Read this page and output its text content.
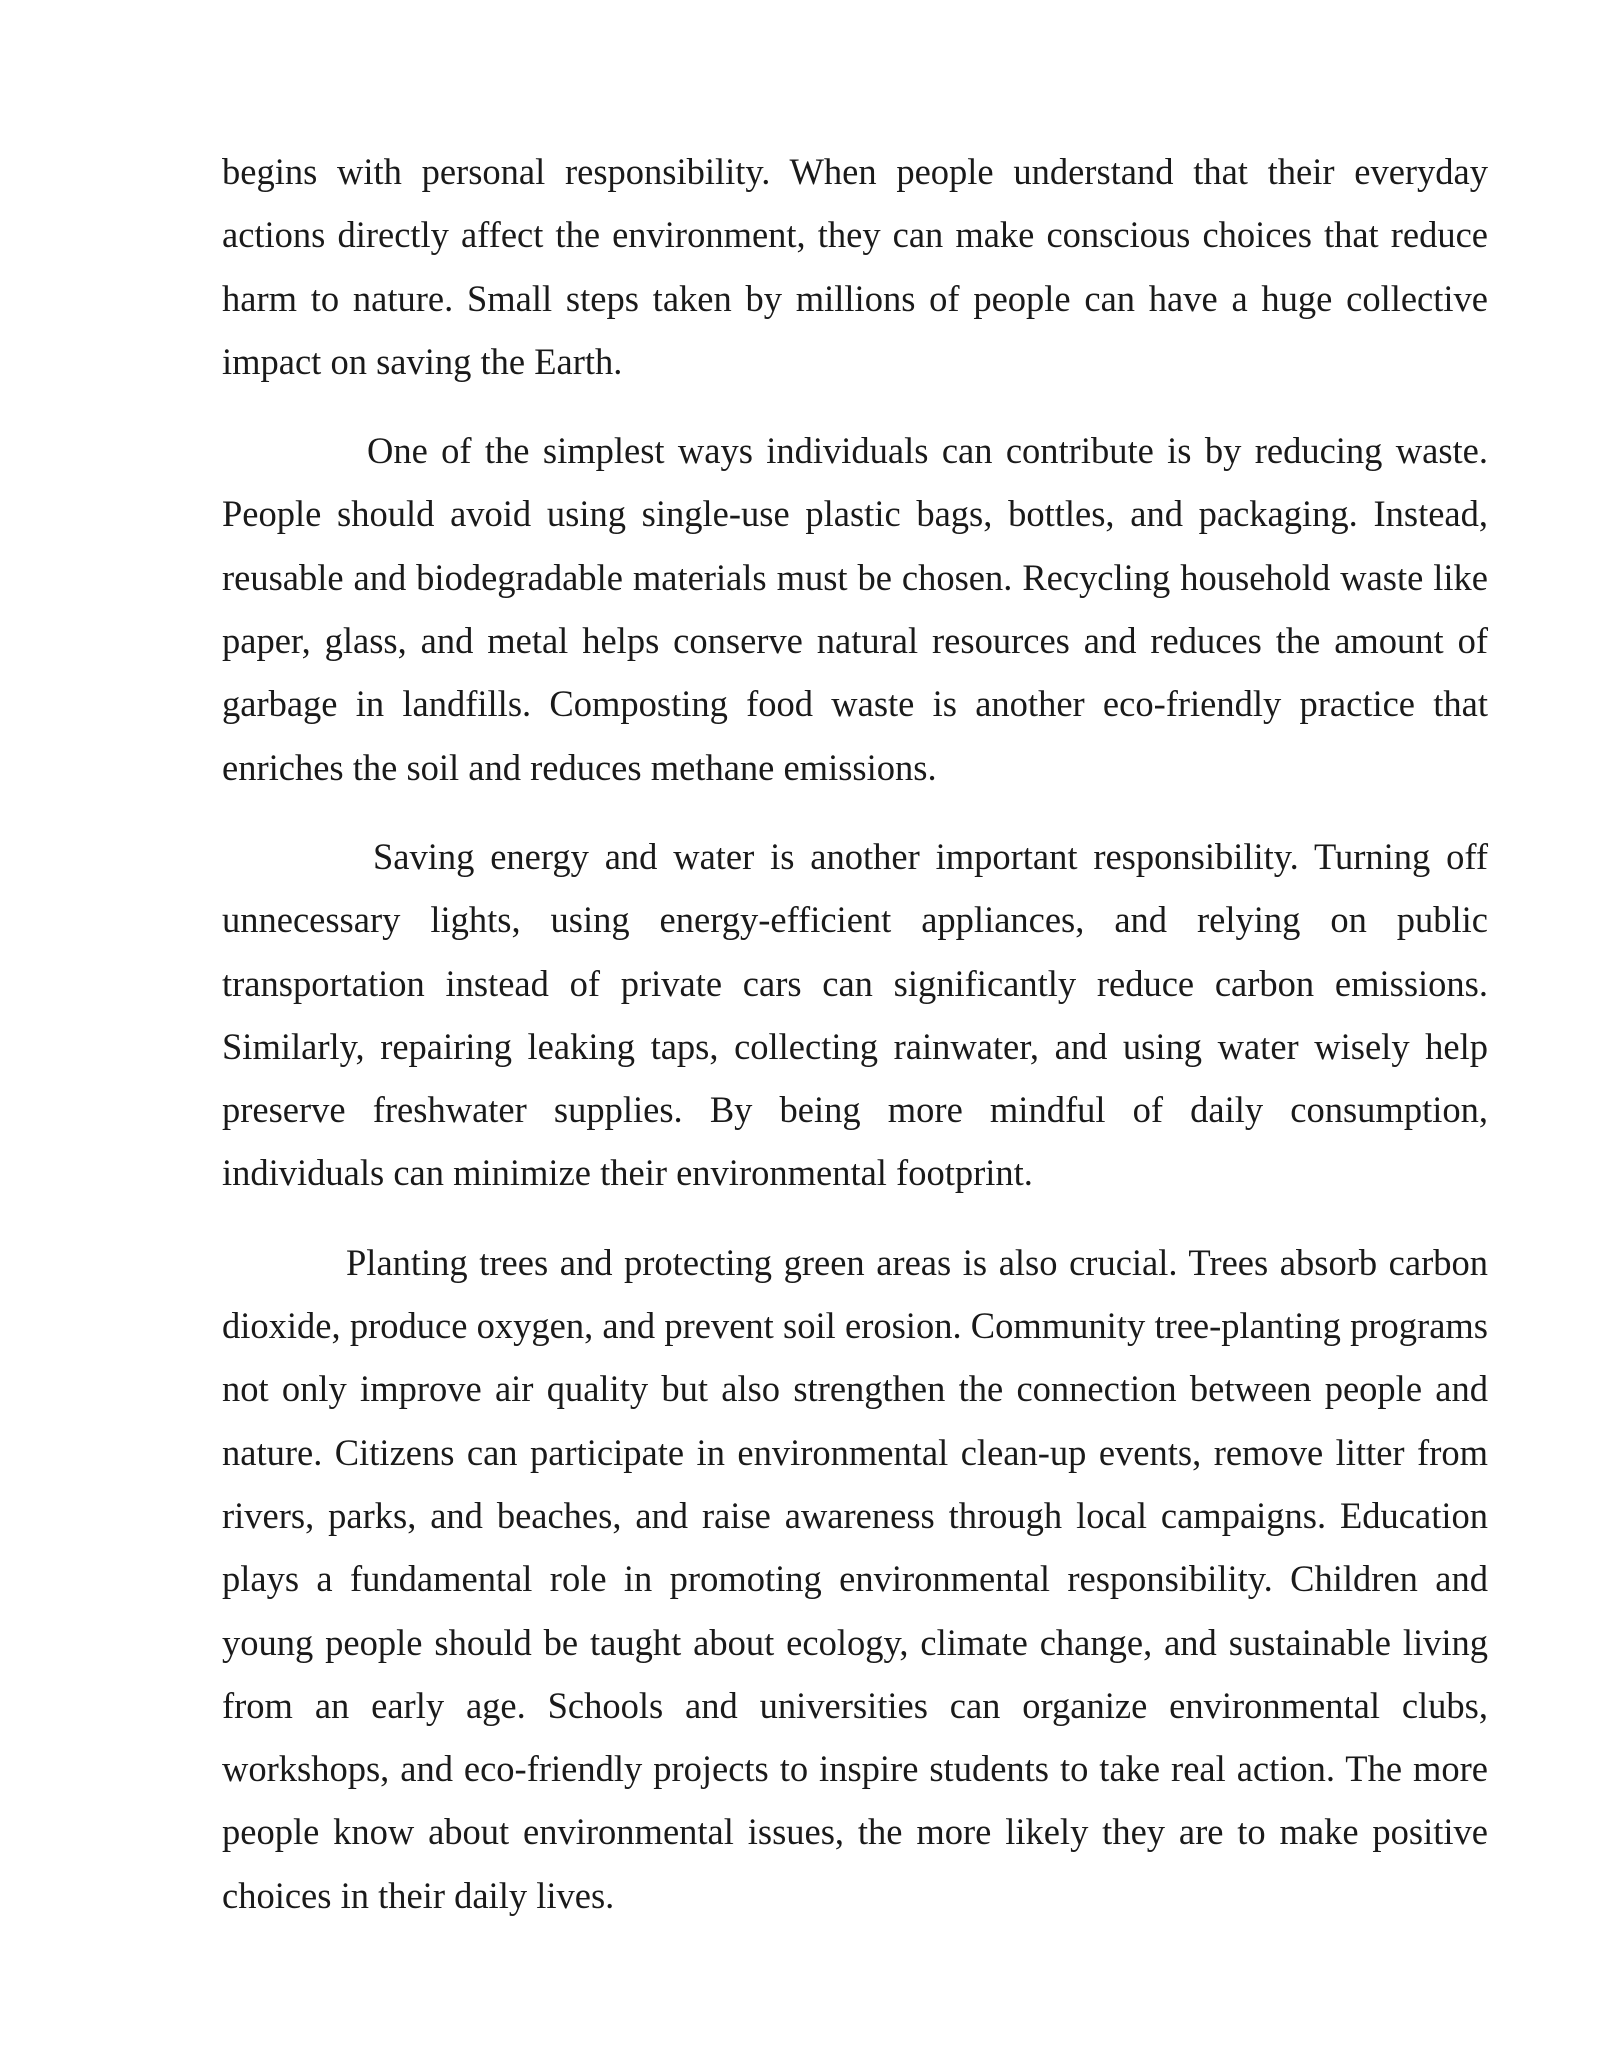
begins with personal responsibility. When people understand that their everyday actions directly affect the environment, they can make conscious choices that reduce harm to nature. Small steps taken by millions of people can have a huge collective impact on saving the Earth.

One of the simplest ways individuals can contribute is by reducing waste. People should avoid using single-use plastic bags, bottles, and packaging. Instead, reusable and biodegradable materials must be chosen. Recycling household waste like paper, glass, and metal helps conserve natural resources and reduces the amount of garbage in landfills. Composting food waste is another eco-friendly practice that enriches the soil and reduces methane emissions.

Saving energy and water is another important responsibility. Turning off unnecessary lights, using energy-efficient appliances, and relying on public transportation instead of private cars can significantly reduce carbon emissions. Similarly, repairing leaking taps, collecting rainwater, and using water wisely help preserve freshwater supplies. By being more mindful of daily consumption, individuals can minimize their environmental footprint.

Planting trees and protecting green areas is also crucial. Trees absorb carbon dioxide, produce oxygen, and prevent soil erosion. Community tree-planting programs not only improve air quality but also strengthen the connection between people and nature. Citizens can participate in environmental clean-up events, remove litter from rivers, parks, and beaches, and raise awareness through local campaigns. Education plays a fundamental role in promoting environmental responsibility. Children and young people should be taught about ecology, climate change, and sustainable living from an early age. Schools and universities can organize environmental clubs, workshops, and eco-friendly projects to inspire students to take real action. The more people know about environmental issues, the more likely they are to make positive choices in their daily lives.
